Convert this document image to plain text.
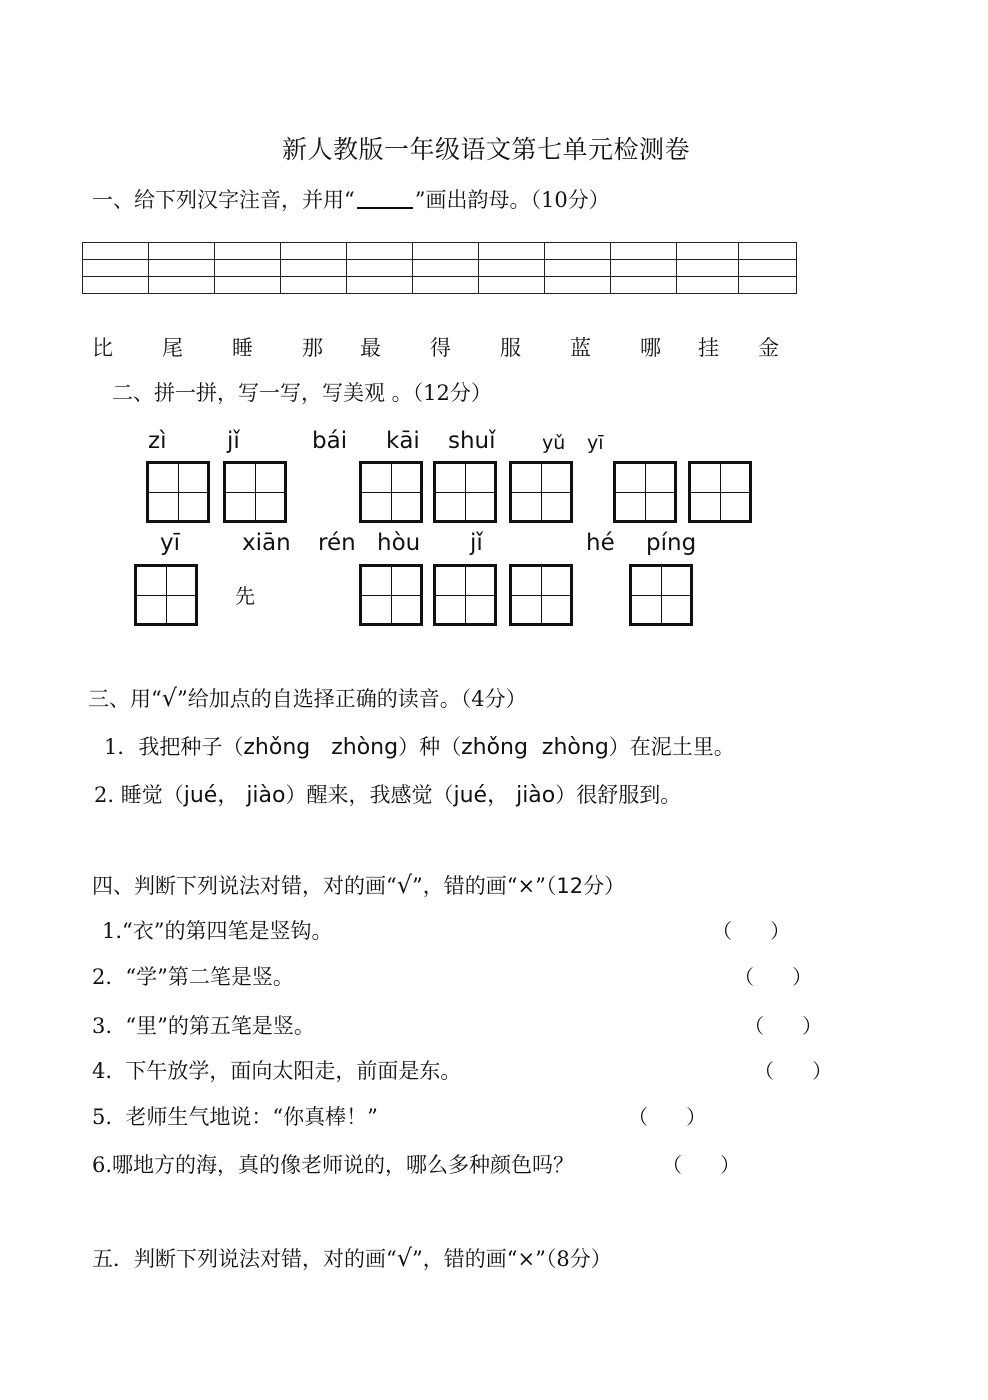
新人教版一年级语文第七单元检测卷
一、给下列汉字注音，并用“	”画出韵母。（10分）

比 尾 睡 那 最 得 服 蓝 哪 挂 金
二、拼一拼，写一写，写美观 。（12分）
zì	jǐ	bái kāi shuǐ yǔ yī
yī	xiān rén hòu jǐ	hé píng
先
三、用“√”给加点的自选择正确的读音。（4分）
1．我把种子（zhǒng   zhòng）种（zhǒng  zhòng）在泥土里。
2. 睡觉（jué， jiào）醒来，我感觉（jué， jiào）很舒服到。
四、判断下列说法对错，对的画“√”，错的画“×”（12分）
1.“衣”的第四笔是竖钩。	（      ）
2.  “学”第二笔是竖。	（      ）
3.  “里”的第五笔是竖。	（      ）
4.  下午放学，面向太阳走，前面是东。	（      ）
5.  老师生气地说：“你真棒！”	（      ）
6.哪地方的海，真的像老师说的，哪么多种颜色吗？	（      ）
五．判断下列说法对错，对的画“√”，错的画“×”（8分）
